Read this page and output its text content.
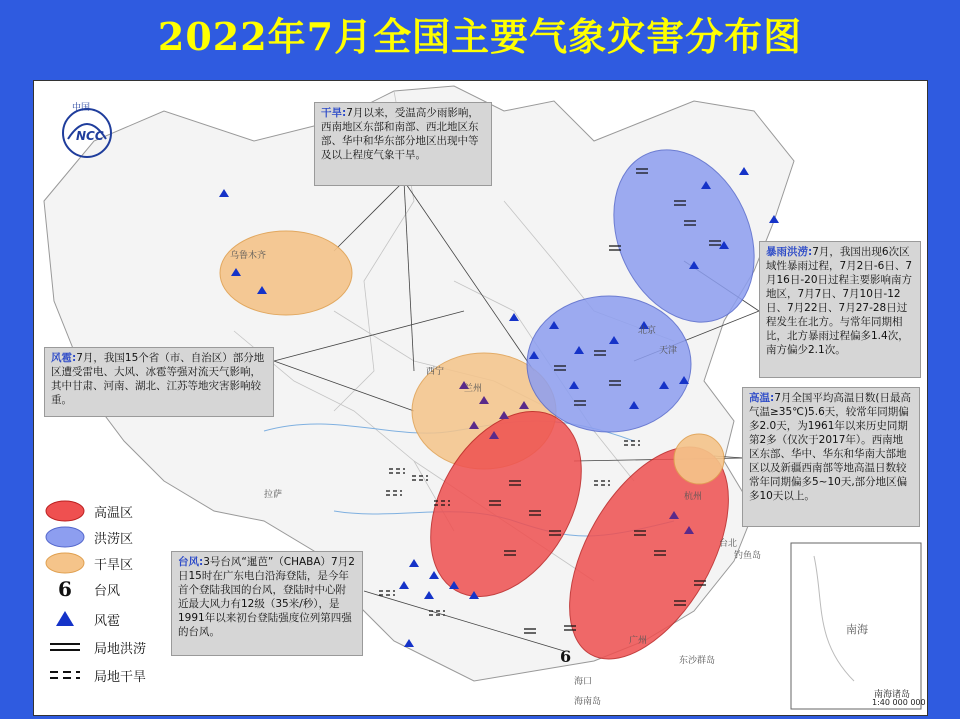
2022年7月全国主要气象灾害分布图
中国
NCC
乌鲁木齐
拉萨
西宁
兰州
北京
天津
杭州
广州
台北
海口
钓鱼岛
东沙群岛
海南岛
南海
南海诸岛
1:40 000 000
6
干旱:7月以来，受温高少雨影响，西南地区东部和南部、西北地区东部、华中和华东部分地区出现中等及以上程度气象干旱。
暴雨洪涝:7月，我国出现6次区域性暴雨过程，7月2日-6日、7月16日-20日过程主要影响南方地区，7月7日、7月10日-12日、7月22日、7月27-28日过程发生在北方。与常年同期相比，北方暴雨过程偏多1.4次，南方偏少2.1次。
风雹:7月，我国15个省（市、自治区）部分地区遭受雷电、大风、冰雹等强对流天气影响，其中甘肃、河南、湖北、江苏等地灾害影响较重。	高温:7月全国平均高温日数(日最高气温≥35℃)5.6天，较常年同期偏多2.0天，为1961年以来历史同期第2多（仅次于2017年）。西南地区东部、华中、华东和华南大部地区以及新疆西南部等地高温日数较常年同期偏多5~10天,部分地区偏多10天以上。
台风:3号台风“暹芭”（CHABA）7月2日15时在广东电白沿海登陆，是今年首个登陆我国的台风，登陆时中心附近最大风力有12级（35米/秒），是1991年以来初台登陆强度位列第四强的台风。
高温区
洪涝区
干旱区
6	台风
风雹
局地洪涝
局地干旱
